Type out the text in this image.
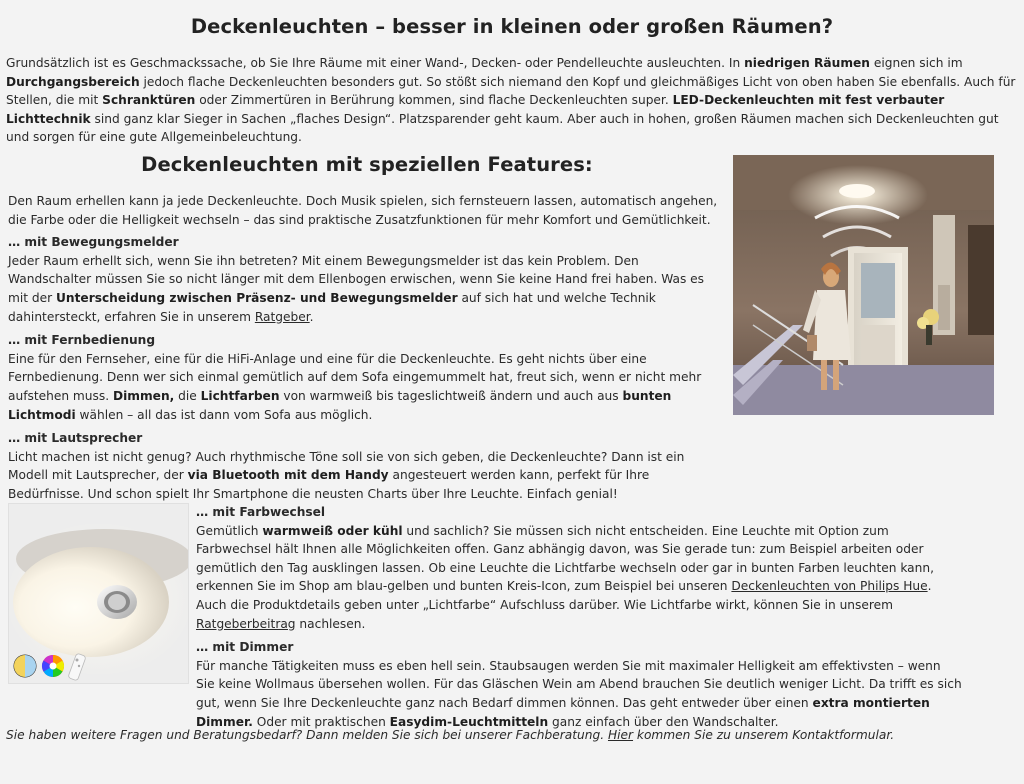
Deckenleuchten – besser in kleinen oder großen Räumen?

Grundsätzlich ist es Geschmackssache, ob Sie Ihre Räume mit einer Wand-, Decken- oder Pendelleuchte ausleuchten. In niedrigen Räumen eignen sich im Durchgangsbereich jedoch flache Deckenleuchten besonders gut. So stößt sich niemand den Kopf und gleichmäßiges Licht von oben haben Sie ebenfalls. Auch für Stellen, die mit Schranktüren oder Zimmertüren in Berührung kommen, sind flache Deckenleuchten super. LED-Deckenleuchten mit fest verbauter Lichttechnik sind ganz klar Sieger in Sachen „flaches Design“. Platzsparender geht kaum. Aber auch in hohen, großen Räumen machen sich Deckenleuchten gut und sorgen für eine gute Allgemeinbeleuchtung.

Deckenleuchten mit speziellen Features:

Den Raum erhellen kann ja jede Deckenleuchte. Doch Musik spielen, sich fernsteuern lassen, automatisch angehen, die Farbe oder die Helligkeit wechseln – das sind praktische Zusatzfunktionen für mehr Komfort und Gemütlichkeit.

… mit Bewegungsmelder
Jeder Raum erhellt sich, wenn Sie ihn betreten? Mit einem Bewegungsmelder ist das kein Problem. Den Wandschalter müssen Sie so nicht länger mit dem Ellenbogen erwischen, wenn Sie keine Hand frei haben. Was es mit der Unterscheidung zwischen Präsenz- und Bewegungsmelder auf sich hat und welche Technik dahintersteckt, erfahren Sie in unserem Ratgeber.

… mit Fernbedienung
Eine für den Fernseher, eine für die HiFi-Anlage und eine für die Deckenleuchte. Es geht nichts über eine Fernbedienung. Denn wer sich einmal gemütlich auf dem Sofa eingemummelt hat, freut sich, wenn er nicht mehr aufstehen muss. Dimmen, die Lichtfarben von warmweiß bis tageslichtweiß ändern und auch aus bunten Lichtmodi wählen – all das ist dann vom Sofa aus möglich.

… mit Lautsprecher
Licht machen ist nicht genug? Auch rhythmische Töne soll sie von sich geben, die Deckenleuchte? Dann ist ein Modell mit Lautsprecher, der via Bluetooth mit dem Handy angesteuert werden kann, perfekt für Ihre Bedürfnisse. Und schon spielt Ihr Smartphone die neusten Charts über Ihre Leuchte. Einfach genial!

… mit Farbwechsel
Gemütlich warmweiß oder kühl und sachlich? Sie müssen sich nicht entscheiden. Eine Leuchte mit Option zum Farbwechsel hält Ihnen alle Möglichkeiten offen. Ganz abhängig davon, was Sie gerade tun: zum Beispiel arbeiten oder gemütlich den Tag ausklingen lassen. Ob eine Leuchte die Lichtfarbe wechseln oder gar in bunten Farben leuchten kann, erkennen Sie im Shop am blau-gelben und bunten Kreis-Icon, zum Beispiel bei unseren Deckenleuchten von Philips Hue. Auch die Produktdetails geben unter „Lichtfarbe“ Aufschluss darüber. Wie Lichtfarbe wirkt, können Sie in unserem Ratgeberbeitrag nachlesen.

… mit Dimmer
Für manche Tätigkeiten muss es eben hell sein. Staubsaugen werden Sie mit maximaler Helligkeit am effektivsten – wenn Sie keine Wollmaus übersehen wollen. Für das Gläschen Wein am Abend brauchen Sie deutlich weniger Licht. Da trifft es sich gut, wenn Sie Ihre Deckenleuchte ganz nach Bedarf dimmen können. Das geht entweder über einen extra montierten Dimmer. Oder mit praktischen Easydim-Leuchtmitteln ganz einfach über den Wandschalter.

Sie haben weitere Fragen und Beratungsbedarf? Dann melden Sie sich bei unserer Fachberatung. Hier kommen Sie zu unserem Kontaktformular.
